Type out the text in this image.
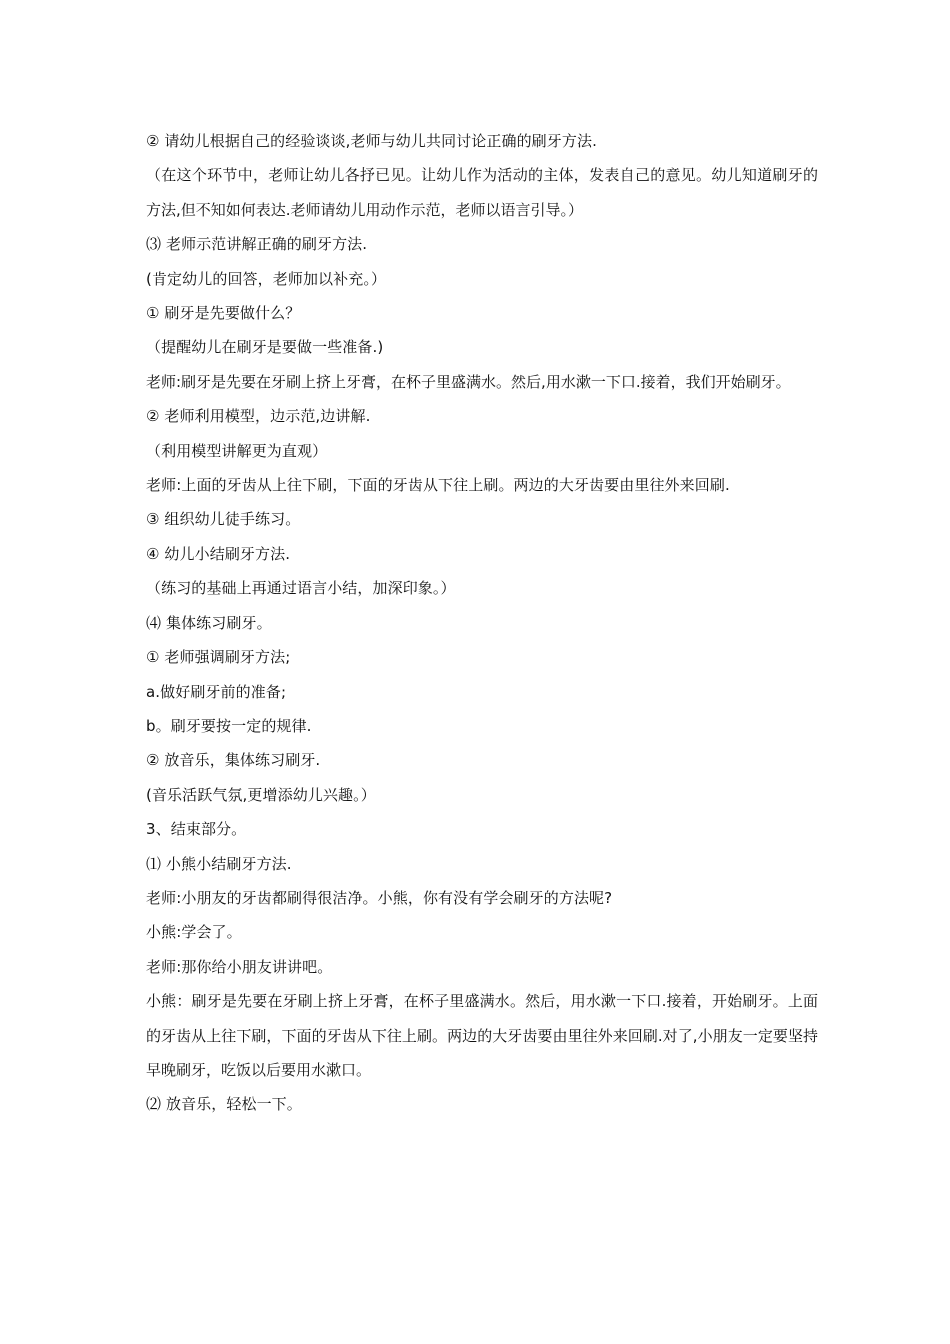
② 请幼儿根据自己的经验谈谈,老师与幼儿共同讨论正确的刷牙方法.
（在这个环节中，老师让幼儿各抒已见。让幼儿作为活动的主体，发表自己的意见。幼儿知道刷牙的方法,但不知如何表达.老师请幼儿用动作示范，老师以语言引导。）
⑶ 老师示范讲解正确的刷牙方法.
(肯定幼儿的回答，老师加以补充。）
① 刷牙是先要做什么？
（提醒幼儿在刷牙是要做一些准备.)
老师:刷牙是先要在牙刷上挤上牙膏，在杯子里盛满水。然后,用水漱一下口.接着，我们开始刷牙。
② 老师利用模型，边示范,边讲解.
（利用模型讲解更为直观）
老师:上面的牙齿从上往下刷，下面的牙齿从下往上刷。两边的大牙齿要由里往外来回刷.
③ 组织幼儿徒手练习。
④ 幼儿小结刷牙方法.
（练习的基础上再通过语言小结，加深印象。）
⑷ 集体练习刷牙。
① 老师强调刷牙方法;
a.做好刷牙前的准备;
b。刷牙要按一定的规律.
② 放音乐，集体练习刷牙.
(音乐活跃气氛,更增添幼儿兴趣。）
3、结束部分。
⑴ 小熊小结刷牙方法.
老师:小朋友的牙齿都刷得很洁净。小熊，你有没有学会刷牙的方法呢?
小熊:学会了。
老师:那你给小朋友讲讲吧。
小熊：刷牙是先要在牙刷上挤上牙膏，在杯子里盛满水。然后，用水漱一下口.接着，开始刷牙。上面的牙齿从上往下刷，下面的牙齿从下往上刷。两边的大牙齿要由里往外来回刷.对了,小朋友一定要坚持早晚刷牙，吃饭以后要用水漱口。
⑵ 放音乐，轻松一下。
